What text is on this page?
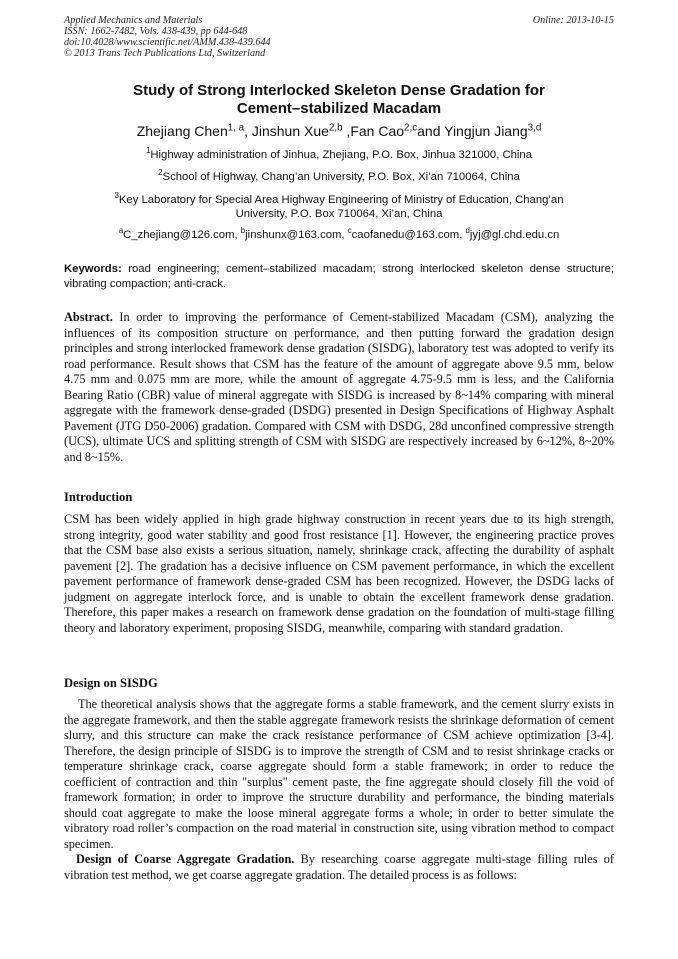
Applied Mechanics and Materials
ISSN: 1662-7482, Vols. 438-439, pp 644-648
doi:10.4028/www.scientific.net/AMM.438-439.644
© 2013 Trans Tech Publications Ltd, Switzerland
Online: 2013-10-15
Study of Strong Interlocked Skeleton Dense Gradation for
Cement–stabilized Macadam
Zhejiang Chen$^{1, a}$, Jinshun Xue$^{2,b}$ ,Fan Cao$^{2,c}$and Yingjun Jiang$^{3,d}$
$^1$Highway administration of Jinhua, Zhejiang, P.O. Box, Jinhua 321000, China
$^2$School of Highway, Chang’an University, P.O. Box, Xi’an 710064, China
$^3$Key Laboratory for Special Area Highway Engineering of Ministry of Education, Chang’an
University, P.O. Box 710064, Xi’an, China
$^a$C_zhejiang@126.com, $^b$jinshunx@163.com, $^c$caofanedu@163.com, $^d$jyj@gl.chd.edu.cn
Keywords: road engineering; cement–stabilized macadam; strong interlocked skeleton dense structure; vibrating compaction; anti-crack.
Abstract. In order to improving the performance of Cement-stabilized Macadam (CSM), analyzing the influences of its composition structure on performance, and then putting forward the gradation design principles and strong interlocked framework dense gradation (SISDG), laboratory test was adopted to verify its road performance. Result shows that CSM has the feature of the amount of aggregate above 9.5 mm, below 4.75 mm and 0.075 mm are more, while the amount of aggregate 4.75-9.5 mm is less, and the California Bearing Ratio (CBR) value of mineral aggregate with SISDG is increased by 8~14% comparing with mineral aggregate with the framework dense-graded (DSDG) presented in Design Specifications of Highway Asphalt Pavement (JTG D50-2006) gradation. Compared with CSM with DSDG, 28d unconfined compressive strength (UCS), ultimate UCS and splitting strength of CSM with SISDG are respectively increased by 6~12%, 8~20% and 8~15%.
Introduction

CSM has been widely applied in high grade highway construction in recent years due to its high strength, strong integrity, good water stability and good frost resistance [1]. However, the engineering practice proves that the CSM base also exists a serious situation, namely, shrinkage crack, affecting the durability of asphalt pavement [2]. The gradation has a decisive influence on CSM pavement performance, in which the excellent pavement performance of framework dense-graded CSM has been recognized. However, the DSDG lacks of judgment on aggregate interlock force, and is unable to obtain the excellent framework dense gradation. Therefore, this paper makes a research on framework dense gradation on the foundation of multi-stage filling theory and laboratory experiment, proposing SISDG, meanwhile, comparing with standard gradation.

Design on SISDG

The theoretical analysis shows that the aggregate forms a stable framework, and the cement slurry exists in the aggregate framework, and then the stable aggregate framework resists the shrinkage deformation of cement slurry, and this structure can make the crack resistance performance of CSM achieve optimization [3-4]. Therefore, the design principle of SISDG is to improve the strength of CSM and to resist shrinkage cracks or temperature shrinkage crack, coarse aggregate should form a stable framework; in order to reduce the coefficient of contraction and thin "surplus" cement paste, the fine aggregate should closely fill the void of framework formation; in order to improve the structure durability and performance, the binding materials should coat aggregate to make the loose mineral aggregate forms a whole; in order to better simulate the vibratory road roller’s compaction on the road material in construction site, using vibration method to compact specimen.

Design of Coarse Aggregate Gradation. By researching coarse aggregate multi-stage filling rules of vibration test method, we get coarse aggregate gradation. The detailed process is as follows:
